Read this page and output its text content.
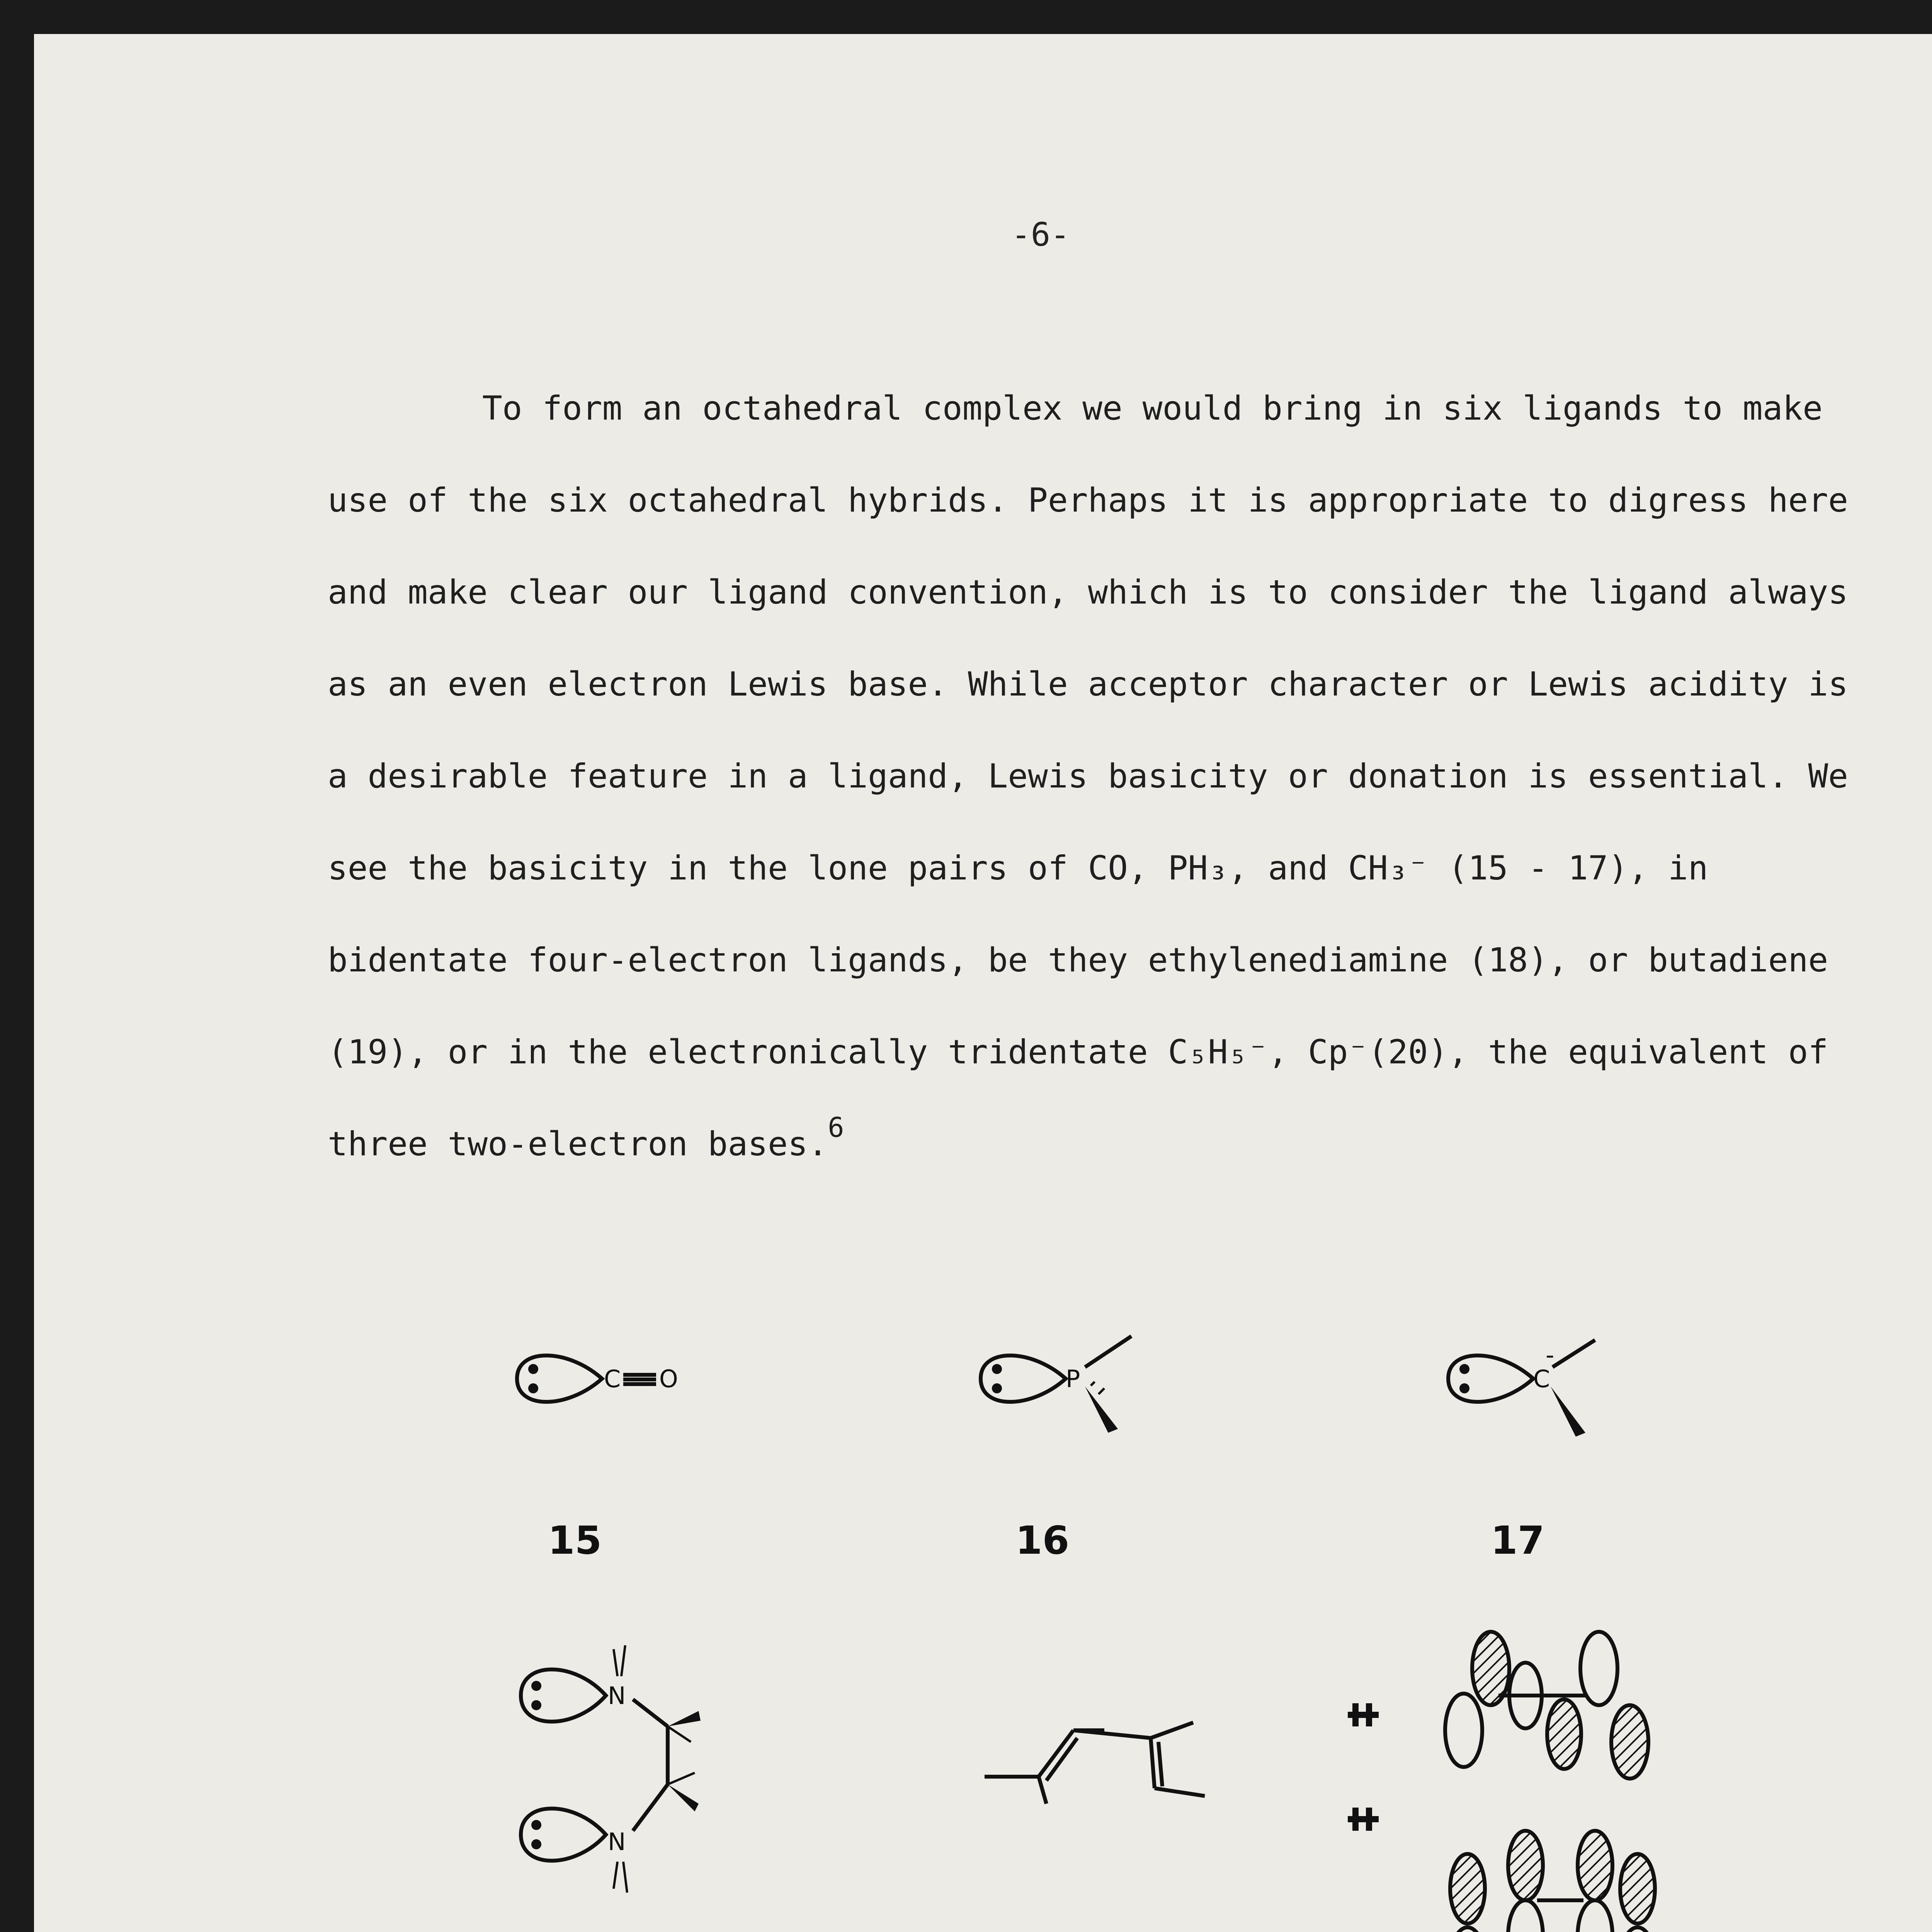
-6-

To form an octahedral complex we would bring in six ligands to make use of the six octahedral hybrids. Perhaps it is appropriate to digress here and make clear our ligand convention, which is to consider the ligand always as an even electron Lewis base. While acceptor character or Lewis acidity is a desirable feature in a ligand, Lewis basicity or donation is essential. We see the basicity in the lone pairs of CO, PH₃, and CH₃⁻ (15 - 17), in bidentate four-electron ligands, be they ethylenediamine (18), or butadiene (19), or in the electronically tridentate C₅H₅⁻, Cp⁻(20), the equivalent of three two-electron bases.$^6$

C O	P	C
-
N
N
15	16	17
